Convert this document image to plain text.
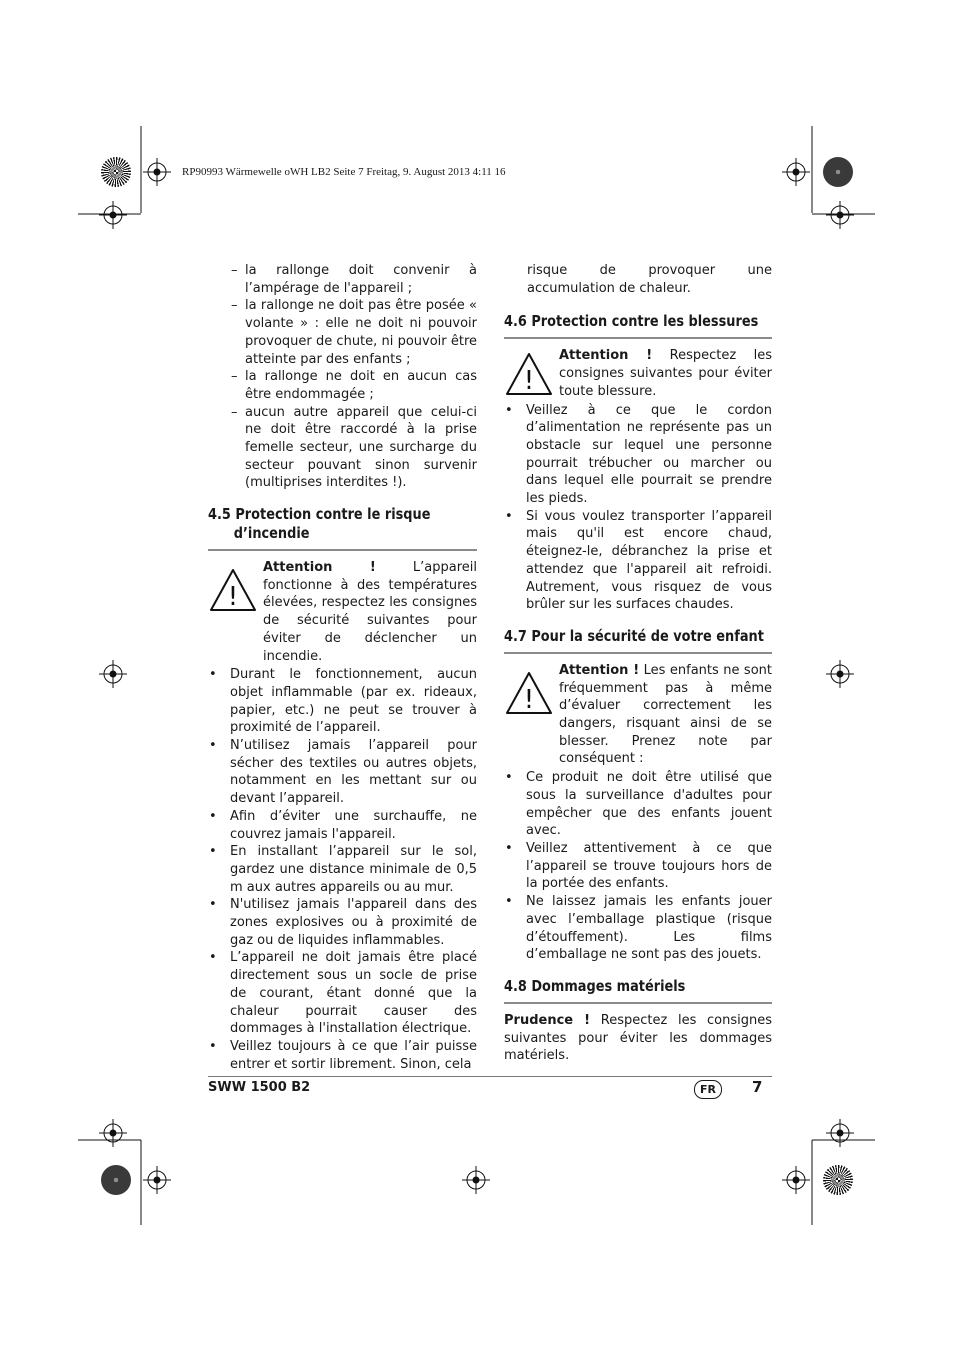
RP90993 Wärmewelle oWH LB2 Seite 7 Freitag, 9. August 2013 4:11 16
– la rallonge doit convenir à l’ampérage de l'appareil ;
– la rallonge ne doit pas être posée « volante » : elle ne doit ni pouvoir provoquer de chute, ni pouvoir être atteinte par des enfants ;
– la rallonge ne doit en aucun cas être endommagée ;
– aucun autre appareil que celui-ci ne doit être raccordé à la prise femelle secteur, une surcharge du secteur pouvant sinon survenir (multiprises interdites !).
4.5 Protection contre le risque
d’incendie
!
Attention ! L’appareil fonctionne à des températures élevées, respectez les consignes de sécurité suivantes pour éviter de déclencher un incendie.

• Durant le fonctionnement, aucun objet inflammable (par ex. rideaux, papier, etc.) ne peut se trouver à proximité de l’appareil.

• N’utilisez jamais l’appareil pour sécher des textiles ou autres objets, notamment en les mettant sur ou devant l’appareil.

• Afin d’éviter une surchauffe, ne couvrez jamais l'appareil.

• En installant l’appareil sur le sol, gardez une distance minimale de 0,5 m aux autres appareils ou au mur.

• N'utilisez jamais l'appareil dans des zones explosives ou à proximité de gaz ou de liquides inflammables.

• L’appareil ne doit jamais être placé directement sous un socle de prise de courant, étant donné que la chaleur pourrait causer des dommages à l'installation électrique.

• Veillez toujours à ce que l’air puisse entrer et sortir librement. Sinon, cela

risque de provoquer une accumulation de chaleur.

4.6 Protection contre les blessures
!
Attention ! Respectez les consignes suivantes pour éviter toute blessure.

• Veillez à ce que le cordon d’alimentation ne représente pas un obstacle sur lequel une personne pourrait trébucher ou marcher ou dans lequel elle pourrait se prendre les pieds.

• Si vous voulez transporter l’appareil mais qu'il est encore chaud, éteignez-le, débranchez la prise et attendez que l'appareil ait refroidi. Autrement, vous risquez de vous brûler sur les surfaces chaudes.

4.7 Pour la sécurité de votre enfant
!
Attention ! Les enfants ne sont fréquemment pas à même d’évaluer correctement les dangers, risquant ainsi de se blesser. Prenez note par conséquent :

• Ce produit ne doit être utilisé que sous la surveillance d'adultes pour empêcher que des enfants jouent avec.

• Veillez attentivement à ce que l’appareil se trouve toujours hors de la portée des enfants.

• Ne laissez jamais les enfants jouer avec l’emballage plastique (risque d’étouffement). Les films d’emballage ne sont pas des jouets.

4.8 Dommages matériels

Prudence ! Respectez les consignes suivantes pour éviter les dommages matériels.

SWW 1500 B2	FR	7
